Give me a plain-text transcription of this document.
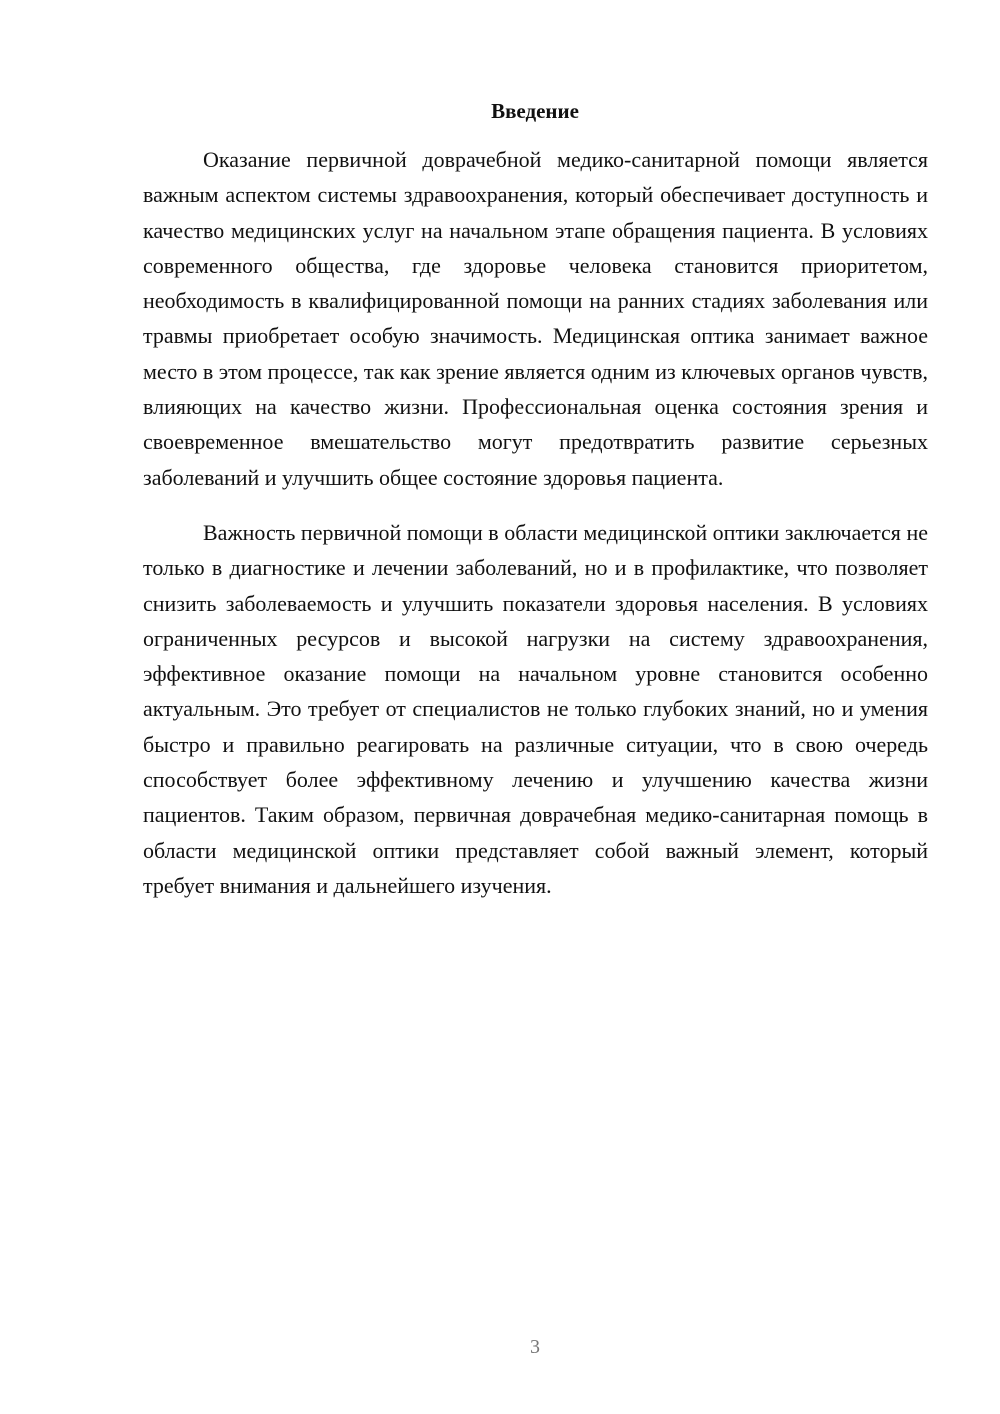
Введение

Оказание первичной доврачебной медико-санитарной помощи является важным аспектом системы здравоохранения, который обеспечивает доступность и качество медицинских услуг на начальном этапе обращения пациента. В условиях современного общества, где здоровье человека становится приоритетом, необходимость в квалифицированной помощи на ранних стадиях заболевания или травмы приобретает особую значимость. Медицинская оптика занимает важное место в этом процессе, так как зрение является одним из ключевых органов чувств, влияющих на качество жизни. Профессиональная оценка состояния зрения и своевременное вмешательство могут предотвратить развитие серьезных заболеваний и улучшить общее состояние здоровья пациента.

Важность первичной помощи в области медицинской оптики заключается не только в диагностике и лечении заболеваний, но и в профилактике, что позволяет снизить заболеваемость и улучшить показатели здоровья населения. В условиях ограниченных ресурсов и высокой нагрузки на систему здравоохранения, эффективное оказание помощи на начальном уровне становится особенно актуальным. Это требует от специалистов не только глубоких знаний, но и умения быстро и правильно реагировать на различные ситуации, что в свою очередь способствует более эффективному лечению и улучшению качества жизни пациентов. Таким образом, первичная доврачебная медико-санитарная помощь в области медицинской оптики представляет собой важный элемент, который требует внимания и дальнейшего изучения.

3
